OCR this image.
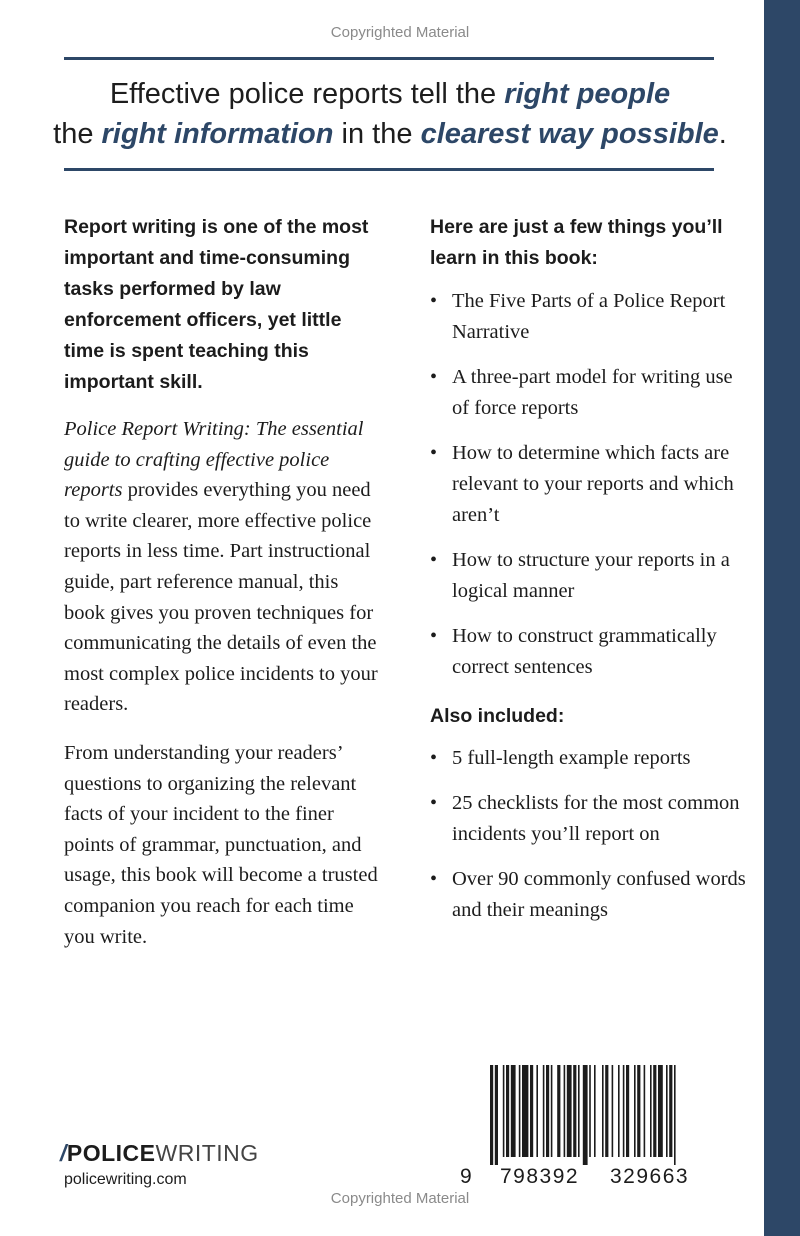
Copyrighted Material
Effective police reports tell the right people
the right information in the clearest way possible.

Report writing is one of the most important and time-consuming tasks performed by law enforcement officers, yet little time is spent teaching this important skill.

Police Report Writing: The essential guide to crafting effective police reports provides everything you need to write clearer, more effective police reports in less time. Part instructional guide, part reference manual, this book gives you proven techniques for communicating the details of even the most complex police incidents to your readers.

From understanding your readers’ questions to organizing the relevant facts of your incident to the finer points of grammar, punctuation, and usage, this book will become a trusted companion you reach for each time you write.

Here are just a few things you’ll learn in this book:

• The Five Parts of a Police Report Narrative
• A three-part model for writing use of force reports
• How to determine which facts are relevant to your reports and which aren’t
• How to structure your reports in a logical manner
• How to construct grammatically correct sentences

Also included:

• 5 full-length example reports
• 25 checklists for the most common incidents you’ll report on
• Over 90 commonly confused words and their meanings
/POLICEWRITING
policewriting.com	9 798392 329663
Copyrighted Material
